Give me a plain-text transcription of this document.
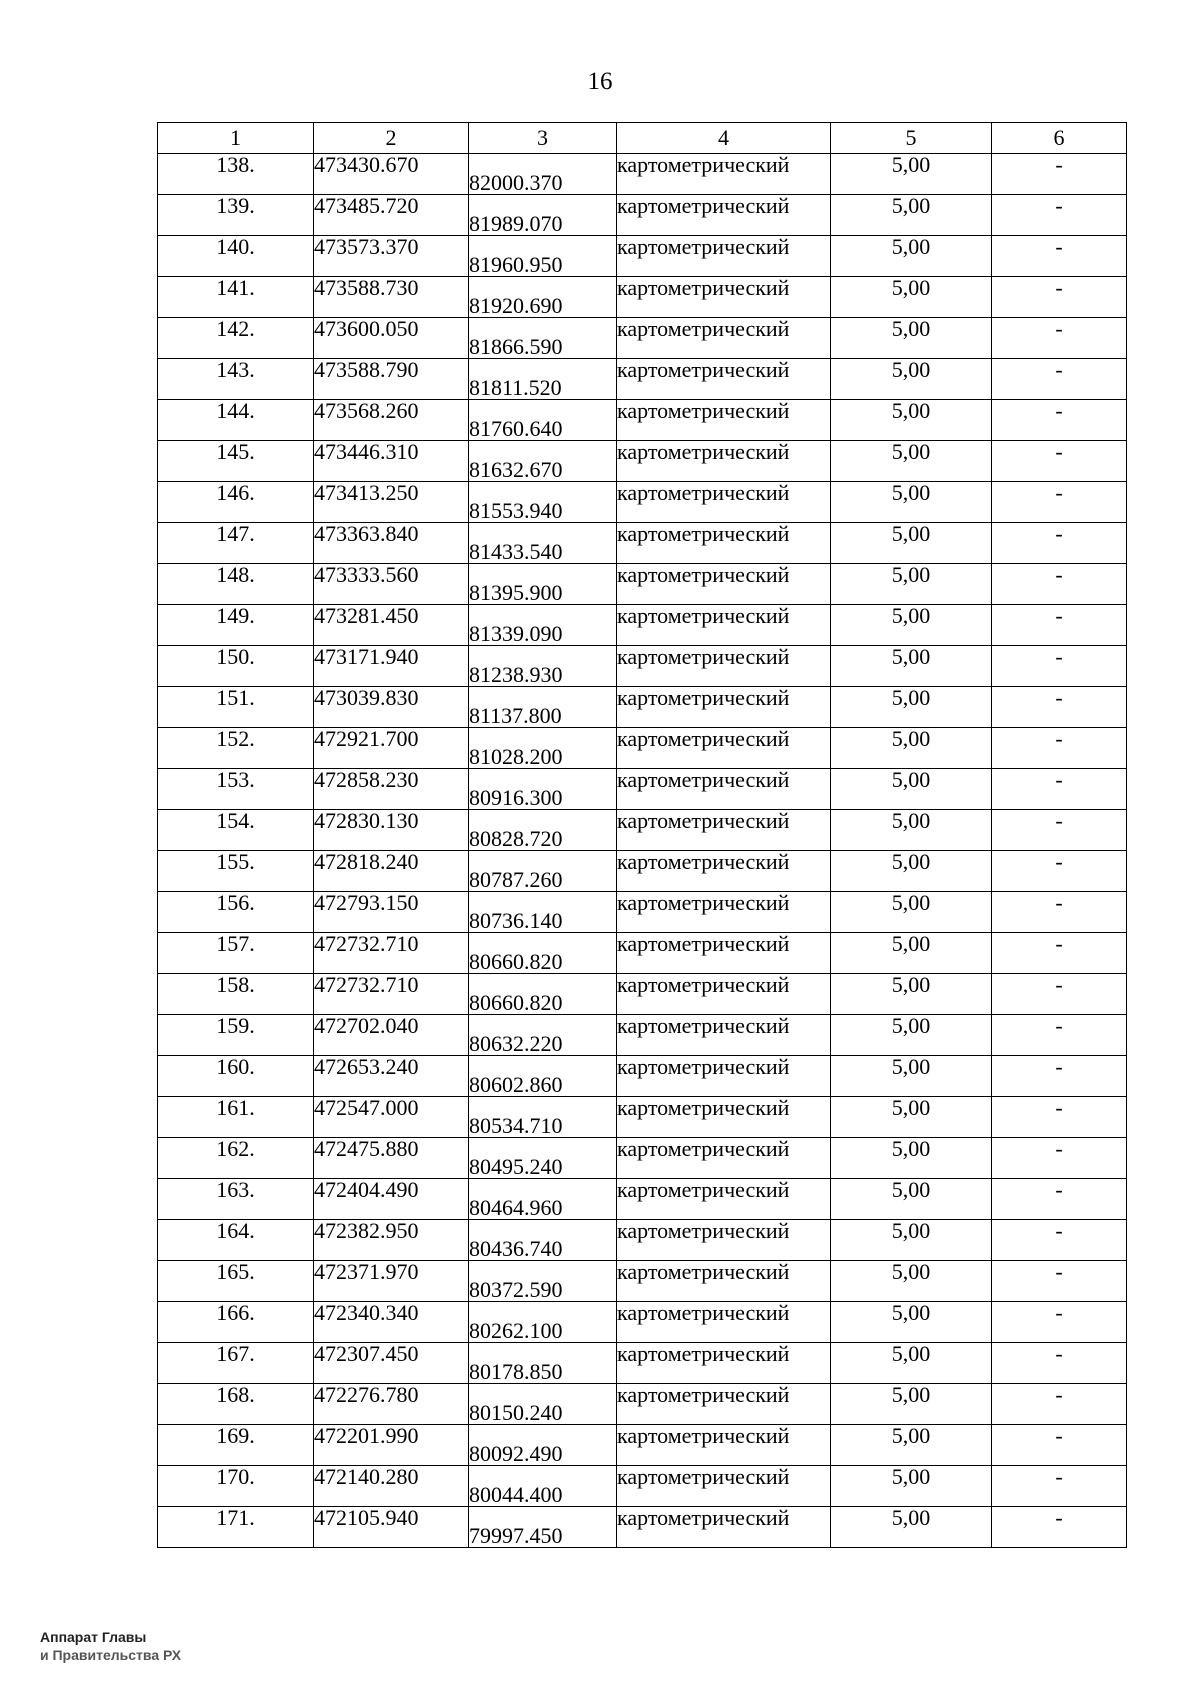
16
1	2	3	4	5	6
138.	473430.670	82000.370	картометрический	5,00	-
139.	473485.720	81989.070	картометрический	5,00	-
140.	473573.370	81960.950	картометрический	5,00	-
141.	473588.730	81920.690	картометрический	5,00	-
142.	473600.050	81866.590	картометрический	5,00	-
143.	473588.790	81811.520	картометрический	5,00	-
144.	473568.260	81760.640	картометрический	5,00	-
145.	473446.310	81632.670	картометрический	5,00	-
146.	473413.250	81553.940	картометрический	5,00	-
147.	473363.840	81433.540	картометрический	5,00	-
148.	473333.560	81395.900	картометрический	5,00	-
149.	473281.450	81339.090	картометрический	5,00	-
150.	473171.940	81238.930	картометрический	5,00	-
151.	473039.830	81137.800	картометрический	5,00	-
152.	472921.700	81028.200	картометрический	5,00	-
153.	472858.230	80916.300	картометрический	5,00	-
154.	472830.130	80828.720	картометрический	5,00	-
155.	472818.240	80787.260	картометрический	5,00	-
156.	472793.150	80736.140	картометрический	5,00	-
157.	472732.710	80660.820	картометрический	5,00	-
158.	472732.710	80660.820	картометрический	5,00	-
159.	472702.040	80632.220	картометрический	5,00	-
160.	472653.240	80602.860	картометрический	5,00	-
161.	472547.000	80534.710	картометрический	5,00	-
162.	472475.880	80495.240	картометрический	5,00	-
163.	472404.490	80464.960	картометрический	5,00	-
164.	472382.950	80436.740	картометрический	5,00	-
165.	472371.970	80372.590	картометрический	5,00	-
166.	472340.340	80262.100	картометрический	5,00	-
167.	472307.450	80178.850	картометрический	5,00	-
168.	472276.780	80150.240	картометрический	5,00	-
169.	472201.990	80092.490	картометрический	5,00	-
170.	472140.280	80044.400	картометрический	5,00	-
171.	472105.940	79997.450	картометрический	5,00	-
Аппарат Главы
и Правительства РХ
